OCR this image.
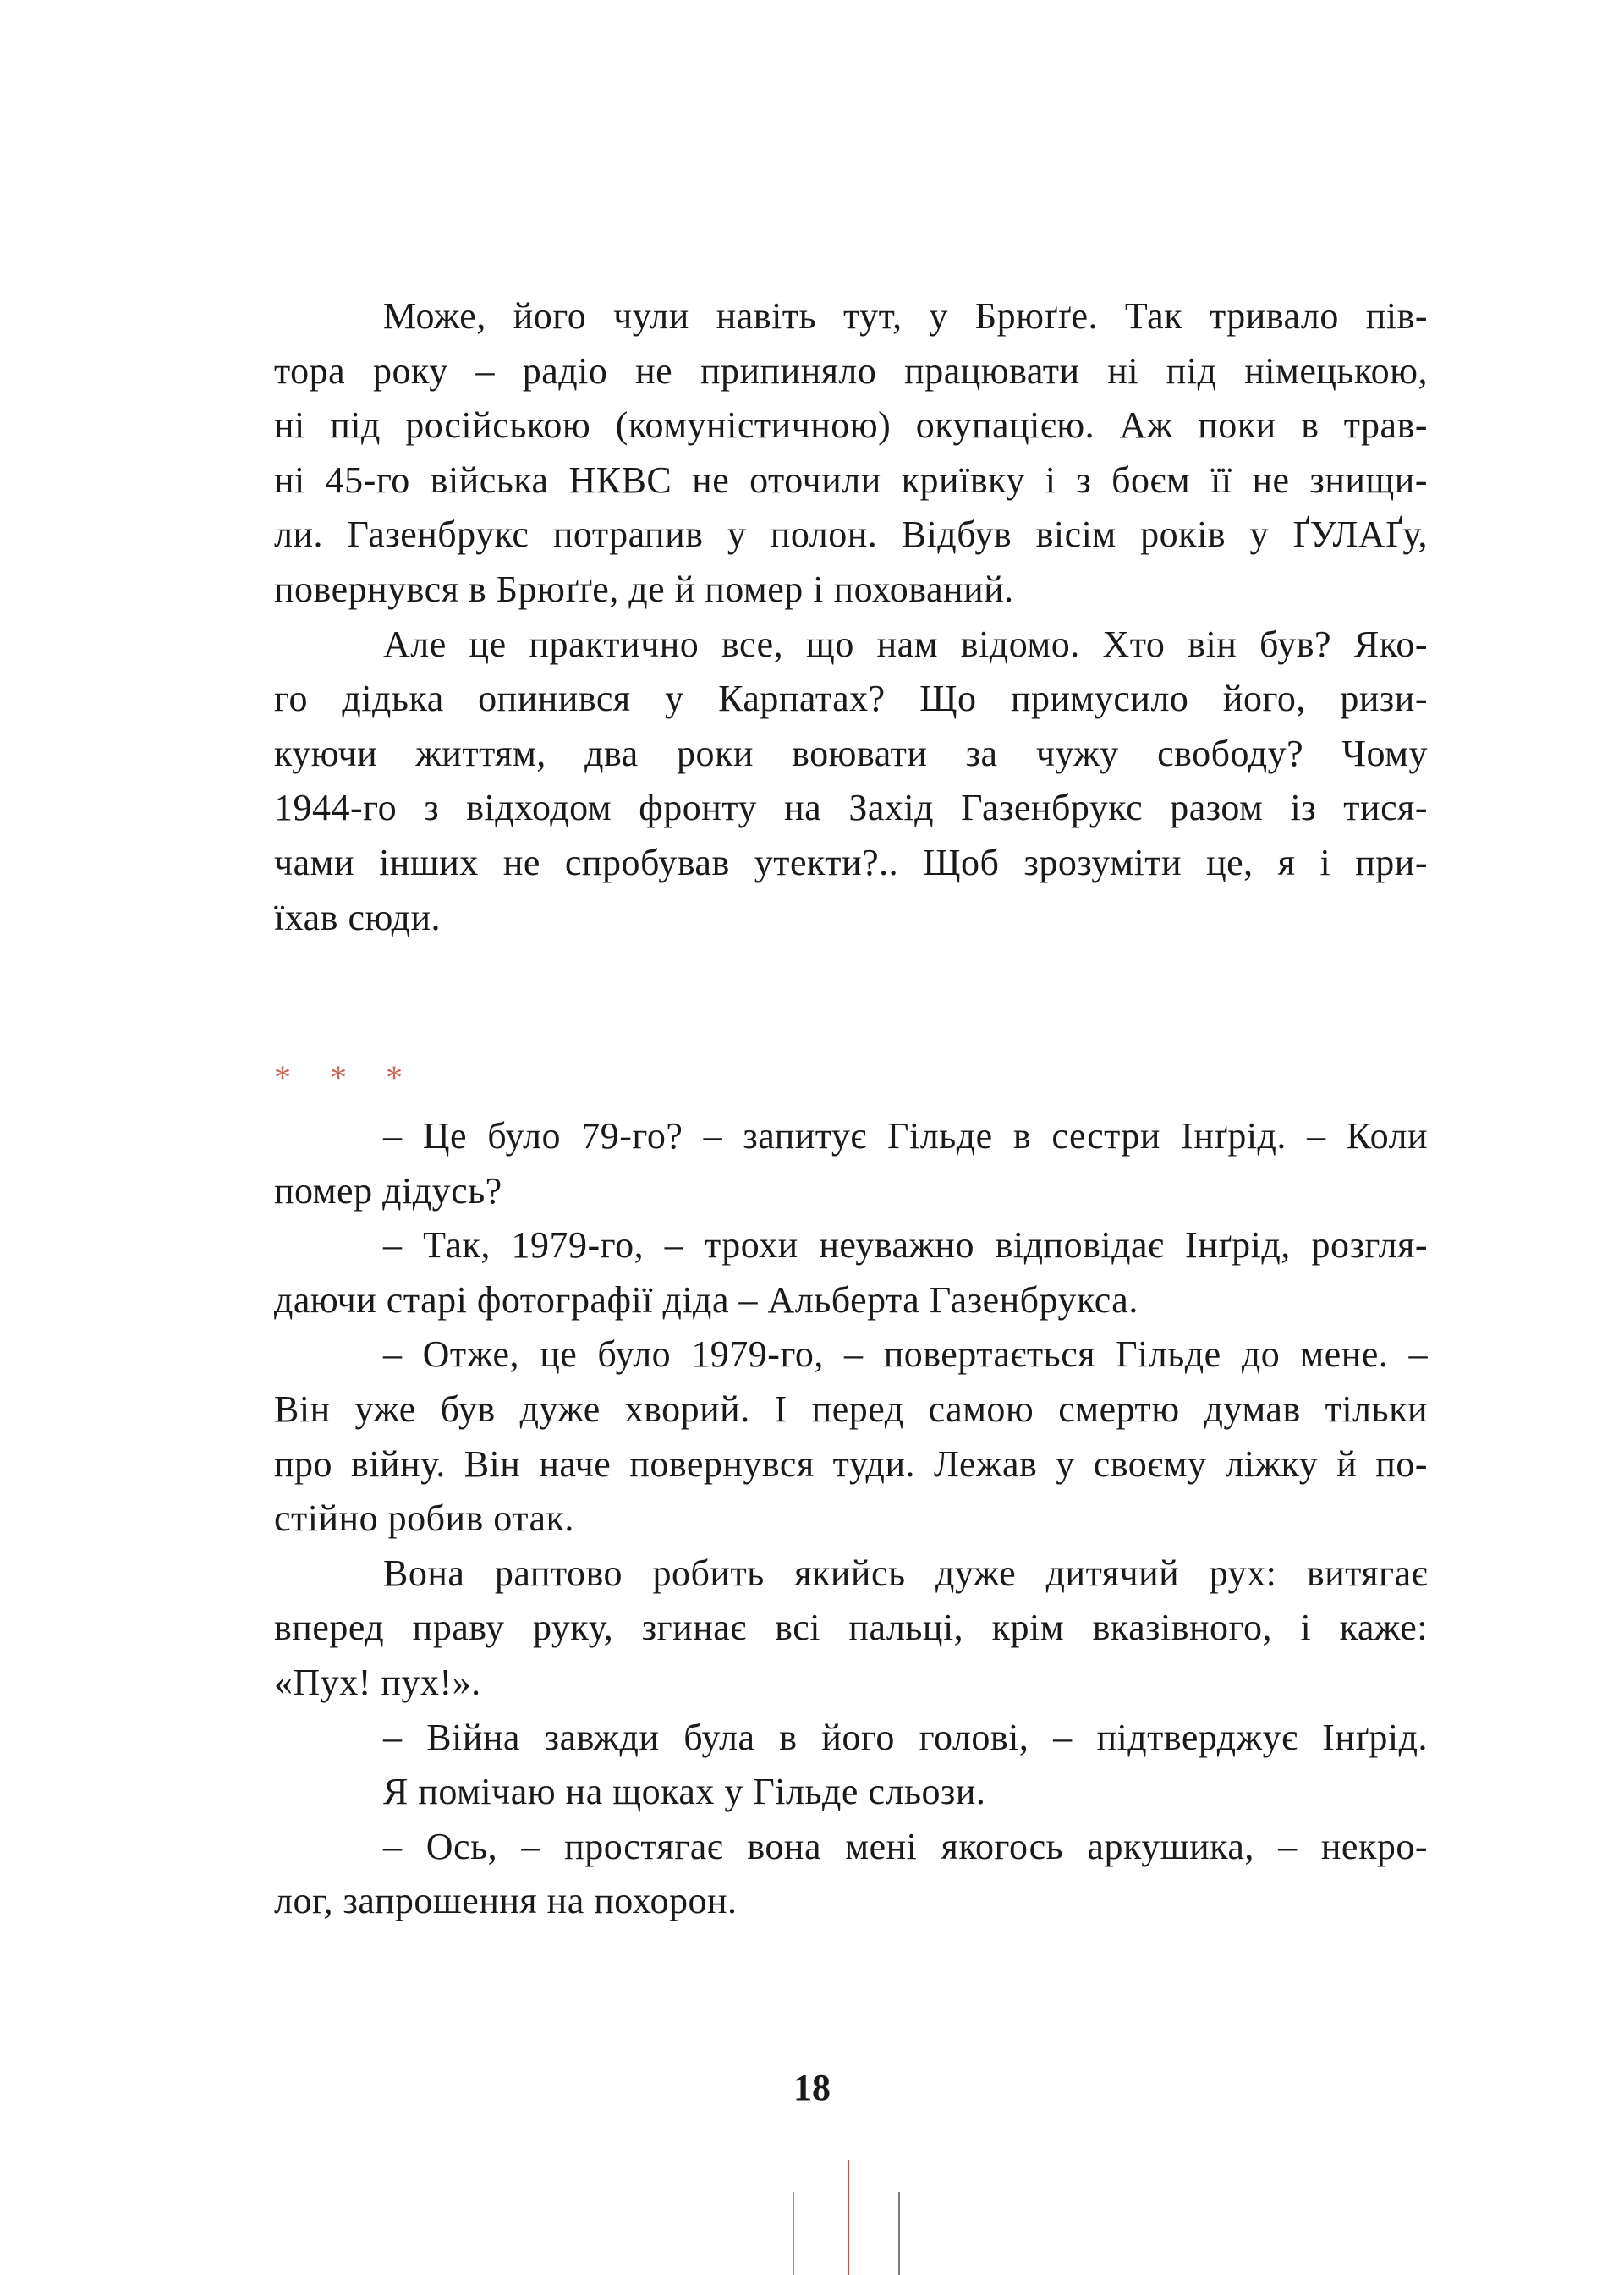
Може, його чули навіть тут, у Брюґґе. Так тривало пів-
тора року – радіо не припиняло працювати ні під німецькою,
ні під російською (комуністичною) окупацією. Аж поки в трав-
ні 45-го війська НКВС не оточили криївку і з боєм її не знищи-
ли. Газенбрукс потрапив у полон. Відбув вісім років у ҐУЛАҐу,
повернувся в Брюґґе, де й помер і похований.
Але це практично все, що нам відомо. Хто він був? Яко-
го дідька опинився у Карпатах? Що примусило його, ризи-
куючи життям, два роки воювати за чужу свободу? Чому
1944-го з відходом фронту на Захід Газенбрукс разом із тися-
чами інших не спробував утекти?.. Щоб зрозуміти це, я і при-
їхав сюди.
* * *
– Це було 79-го? – запитує Гільде в сестри Інґрід. – Коли
помер дідусь?
– Так, 1979-го, – трохи неуважно відповідає Інґрід, розгля-
даючи старі фотографії діда – Альберта Газенбрукса.
– Отже, це було 1979-го, – повертається Гільде до мене. –
Він уже був дуже хворий. І перед самою смертю думав тільки
про війну. Він наче повернувся туди. Лежав у своєму ліжку й по-
стійно робив отак.
Вона раптово робить якийсь дуже дитячий рух: витягає
вперед праву руку, згинає всі пальці, крім вказівного, і каже:
«Пух! пух!».
– Війна завжди була в його голові, – підтверджує Інґрід.
Я помічаю на щоках у Гільде сльози.
– Ось, – простягає вона мені якогось аркушика, – некро-
лог, запрошення на похорон.
18
